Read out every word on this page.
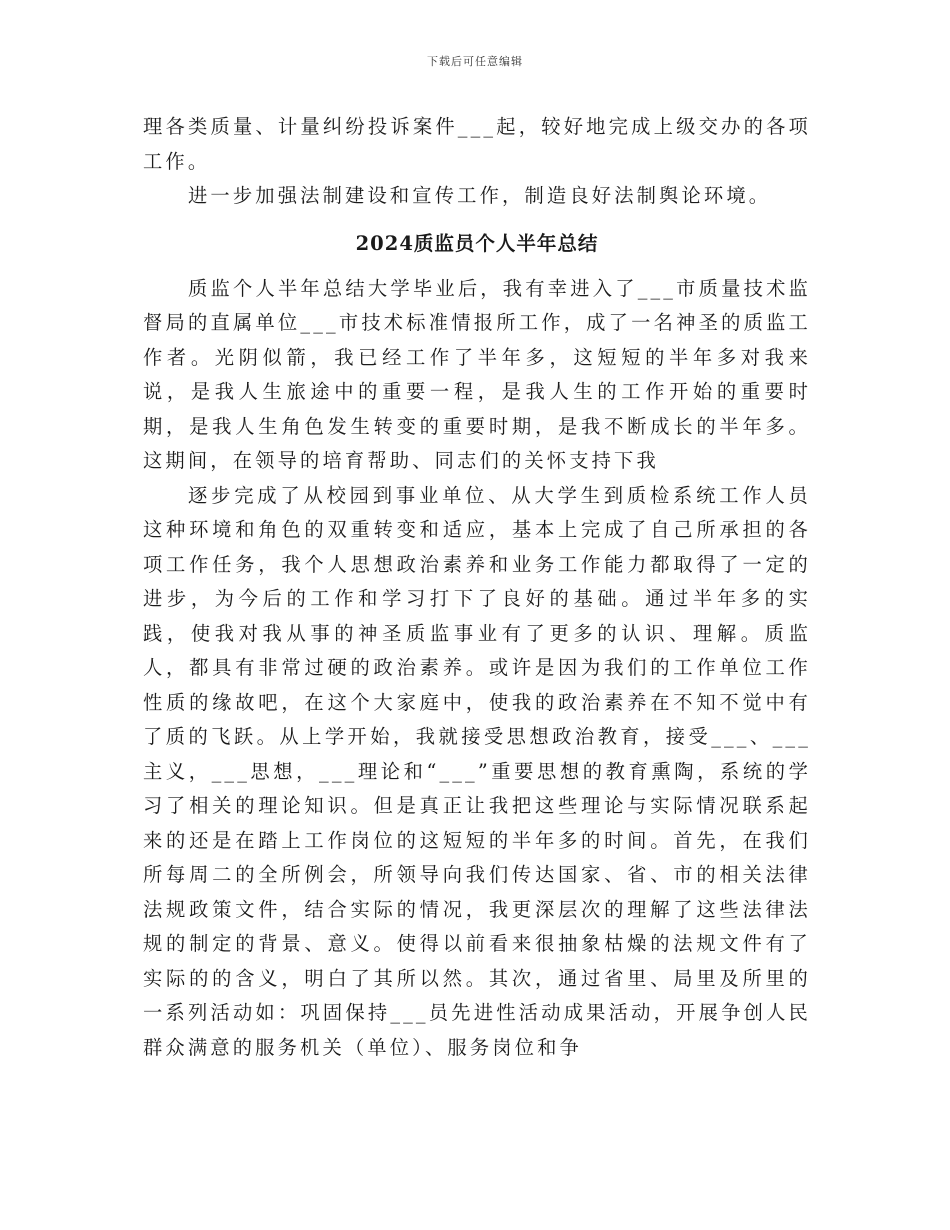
下载后可任意编辑

理各类质量、计量纠纷投诉案件___起，较好地完成上级交办的各项工作。

进一步加强法制建设和宣传工作，制造良好法制舆论环境。

2024质监员个人半年总结

质监个人半年总结大学毕业后，我有幸进入了___市质量技术监督局的直属单位___市技术标准情报所工作，成了一名神圣的质监工作者。光阴似箭，我已经工作了半年多，这短短的半年多对我来说，是我人生旅途中的重要一程，是我人生的工作开始的重要时期，是我人生角色发生转变的重要时期，是我不断成长的半年多。这期间，在领导的培育帮助、同志们的关怀支持下我

逐步完成了从校园到事业单位、从大学生到质检系统工作人员这种环境和角色的双重转变和适应，基本上完成了自己所承担的各项工作任务，我个人思想政治素养和业务工作能力都取得了一定的进步，为今后的工作和学习打下了良好的基础。通过半年多的实践，使我对我从事的神圣质监事业有了更多的认识、理解。质监人，都具有非常过硬的政治素养。或许是因为我们的工作单位工作性质的缘故吧，在这个大家庭中，使我的政治素养在不知不觉中有了质的飞跃。从上学开始，我就接受思想政治教育，接受___、___主义，___思想，___理论和“___”重要思想的教育熏陶，系统的学习了相关的理论知识。但是真正让我把这些理论与实际情况联系起来的还是在踏上工作岗位的这短短的半年多的时间。首先，在我们所每周二的全所例会，所领导向我们传达国家、省、市的相关法律法规政策文件，结合实际的情况，我更深层次的理解了这些法律法规的制定的背景、意义。使得以前看来很抽象枯燥的法规文件有了实际的的含义，明白了其所以然。其次，通过省里、局里及所里的一系列活动如：巩固保持___员先进性活动成果活动，开展争创人民群众满意的服务机关（单位）、服务岗位和争
